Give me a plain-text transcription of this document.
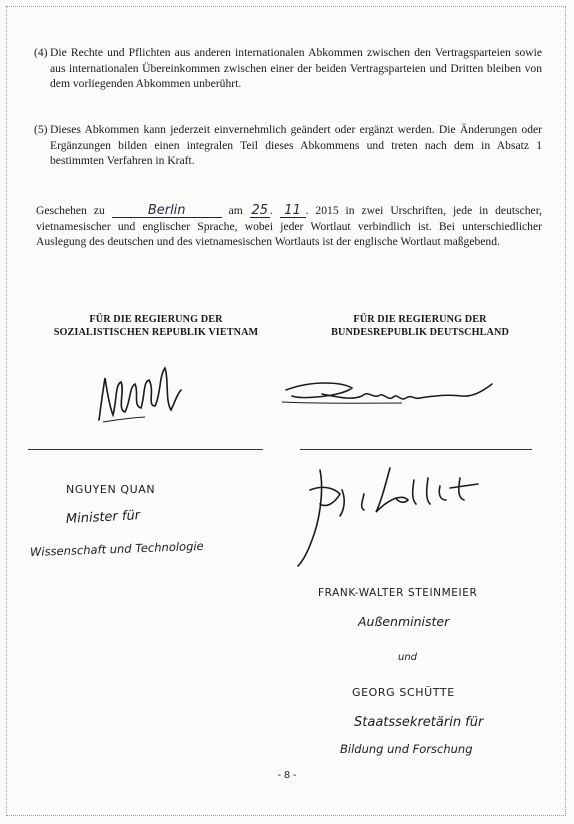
(4) Die Rechte und Pflichten aus anderen internationalen Abkommen zwischen den Vertragsparteien sowie aus internationalen Übereinkommen zwischen einer der beiden Vertragsparteien und Dritten bleiben von dem vorliegenden Abkommen unberührt.
(5) Dieses Abkommen kann jederzeit einvernehmlich geändert oder ergänzt werden. Die Änderungen oder Ergänzungen bilden einen integralen Teil dieses Abkommens und treten nach dem in Absatz 1 bestimmten Verfahren in Kraft.
Geschehen zu	Berlin	am 25 . 11 . 2015 in zwei Urschriften, jede in deutscher, vietnamesischer und englischer Sprache, wobei jeder Wortlaut verbindlich ist. Bei unterschiedlicher Auslegung des deutschen und des vietnamesischen Wortlauts ist der englische Wortlaut maßgebend.
FÜR DIE REGIERUNG DER
SOZIALISTISCHEN REPUBLIK VIETNAM
FÜR DIE REGIERUNG DER
BUNDESREPUBLIK DEUTSCHLAND
NGUYEN QUAN
Minister für
Wissenschaft und Technologie
FRANK-WALTER STEINMEIER
Außenminister
und
GEORG SCHÜTTE
Staatssekretärin für
Bildung und Forschung
- 8 -
